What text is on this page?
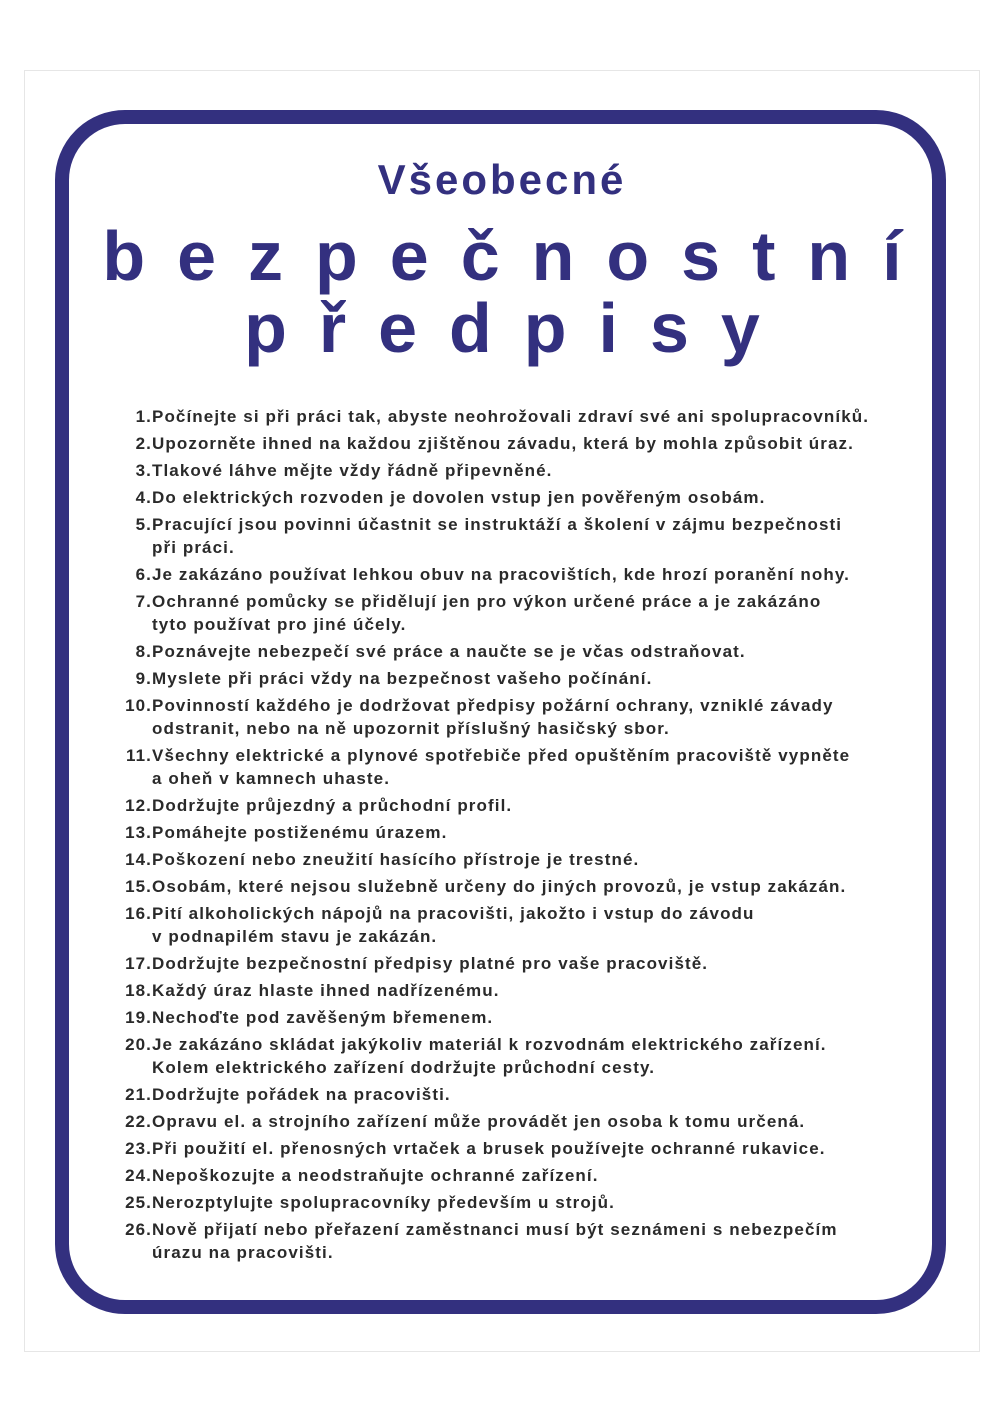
Všeobecné
bezpečnostní
předpisy
1. Počínejte si při práci tak, abyste neohrožovali zdraví své ani spolupracovníků.
2. Upozorněte ihned na každou zjištěnou závadu, která by mohla způsobit úraz.
3. Tlakové láhve mějte vždy řádně připevněné.
4. Do elektrických rozvoden je dovolen vstup jen pověřeným osobám.
5. Pracující jsou povinni účastnit se instruktáží a školení v zájmu bezpečnosti
při práci.
6. Je zakázáno používat lehkou obuv na pracovištích, kde hrozí poranění nohy.
7. Ochranné pomůcky se přidělují jen pro výkon určené práce a je zakázáno
tyto používat pro jiné účely.
8. Poznávejte nebezpečí své práce a naučte se je včas odstraňovat.
9. Myslete při práci vždy na bezpečnost vašeho počínání.
10. Povinností každého je dodržovat předpisy požární ochrany, vzniklé závady
odstranit, nebo na ně upozornit příslušný hasičský sbor.
11. Všechny elektrické a plynové spotřebiče před opuštěním pracoviště vypněte
a oheň v kamnech uhaste.
12. Dodržujte průjezdný a průchodní profil.
13. Pomáhejte postiženému úrazem.
14. Poškození nebo zneužití hasícího přístroje je trestné.
15. Osobám, které nejsou služebně určeny do jiných provozů, je vstup zakázán.
16. Pití alkoholických nápojů na pracovišti, jakožto i vstup do závodu
v podnapilém stavu je zakázán.
17. Dodržujte bezpečnostní předpisy platné pro vaše pracoviště.
18. Každý úraz hlaste ihned nadřízenému.
19. Nechoďte pod zavěšeným břemenem.
20. Je zakázáno skládat jakýkoliv materiál k rozvodnám elektrického zařízení.
Kolem elektrického zařízení dodržujte průchodní cesty.
21. Dodržujte pořádek na pracovišti.
22. Opravu el. a strojního zařízení může provádět jen osoba k tomu určená.
23. Při použití el. přenosných vrtaček a brusek používejte ochranné rukavice.
24. Nepoškozujte a neodstraňujte ochranné zařízení.
25. Nerozptylujte spolupracovníky především u strojů.
26. Nově přijatí nebo přeřazení zaměstnanci musí být seznámeni s nebezpečím
úrazu na pracovišti.
